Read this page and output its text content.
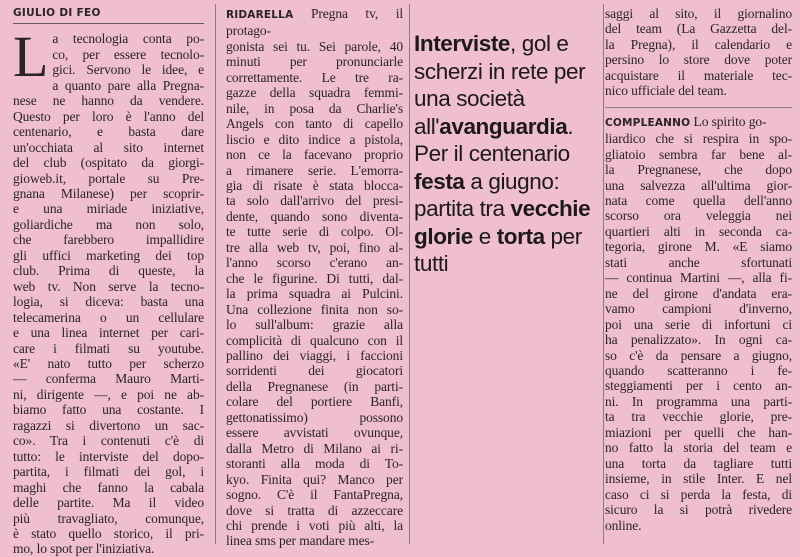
GIULIO DI FEO
L a tecnologia conta po-
co, per essere tecnolo-
gici. Servono le idee, e
a quanto pare alla Pregna-
nese ne hanno da vendere.
Questo per loro è l'anno del
centenario, e basta dare
un'occhiata al sito internet
del club (ospitato da giorgi-
gioweb.it, portale su Pre-
gnana Milanese) per scoprir-
e una miriade iniziative,
goliardiche ma non solo,
che farebbero impallidire
gli uffici marketing dei top
club. Prima di queste, la
web tv. Non serve la tecno-
logia, si diceva: basta una
telecamerina o un cellulare
e una linea internet per cari-
care i filmati su youtube.
«E' nato tutto per scherzo
— conferma Mauro Marti-
ni, dirigente —, e poi ne ab-
biamo fatto una costante. I
ragazzi si divertono un sac-
co». Tra i contenuti c'è di
tutto: le interviste del dopo-
partita, i filmati dei gol, i
maghi che fanno la cabala
delle partite. Ma il video
più travagliato, comunque,
è stato quello storico, il pri-
mo, lo spot per l'iniziativa.

RIDARELLA Pregna tv, il protago-

gonista sei tu. Sei parole, 40
minuti per pronunciarle
correttamente. Le tre ra-
gazze della squadra femmi-
nile, in posa da Charlie's
Angels con tanto di capello
liscio e dito indice a pistola,
non ce la facevano proprio
a rimanere serie. L'emorra-
gia di risate è stata blocca-
ta solo dall'arrivo del presi-
dente, quando sono diventa-
te tutte serie di colpo. Ol-
tre alla web tv, poi, fino al-
l'anno scorso c'erano an-
che le figurine. Di tutti, dal-
la prima squadra ai Pulcini.
Una collezione finita non so-
lo sull'album: grazie alla
complicità di qualcuno con il
pallino dei viaggi, i faccioni
sorridenti dei giocatori
della Pregnanese (in parti-
colare del portiere Banfi,
gettonatissimo) possono
essere avvistati ovunque,
dalla Metro di Milano ai ri-
storanti alla moda di To-
kyo. Finita qui? Manco per
sogno. C'è il FantaPregna,
dove si tratta di azzeccare
chi prende i voti più alti, la
linea sms per mandare mes-
Interviste, gol e scherzi in rete per una società all'avanguardia. Per il centenario festa a giugno: partita tra vecchie glorie e torta per tutti
saggi al sito, il giornalino
del team (La Gazzetta del-
la Pregna), il calendario e
persino lo store dove poter
acquistare il materiale tec-
nico ufficiale del team.

COMPLEANNO Lo spirito go-

liardico che si respira in spo-
gliatoio sembra far bene al-
la Pregnanese, che dopo
una salvezza all'ultima gior-
nata come quella dell'anno
scorso ora veleggia nei
quartieri alti in seconda ca-
tegoria, girone M. «E siamo
stati anche sfortunati
— continua Martini —, alla fi-
ne del girone d'andata era-
vamo campioni d'inverno,
poi una serie di infortuni ci
ha penalizzato». In ogni ca-
so c'è da pensare a giugno,
quando scatteranno i fe-
steggiamenti per i cento an-
ni. In programma una parti-
ta tra vecchie glorie, pre-
miazioni per quelli che han-
no fatto la storia del team e
una torta da tagliare tutti
insieme, in stile Inter. E nel
caso ci si perda la festa, di
sicuro la si potrà rivedere
online.
